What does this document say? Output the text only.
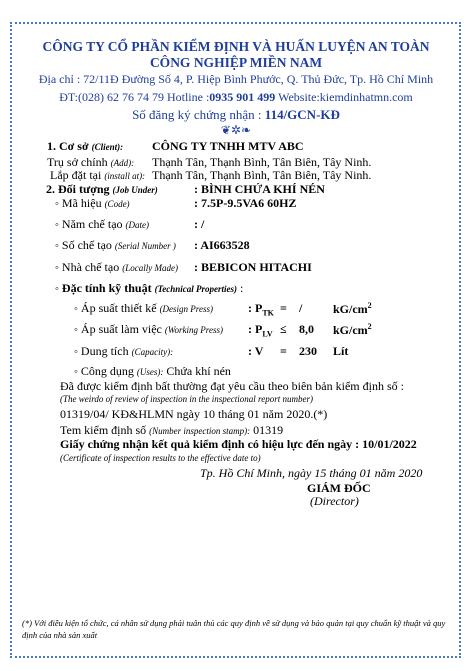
CÔNG TY CỔ PHẦN KIỂM ĐỊNH VÀ HUẤN LUYỆN AN TOÀN
CÔNG NGHIỆP MIỀN NAM
Địa chỉ : 72/11Đ Đường Số 4, P. Hiệp Bình Phước, Q. Thủ Đức, Tp. Hồ Chí Minh
ĐT:(028) 62 76 74 79 Hotline :0935 901 499 Website:kiemdinhatmn.com
Số đăng ký chứng nhận : 114/GCN-KĐ
❦✲❧
1. Cơ sở (Client): CÔNG TY TNHH MTV ABC
Trụ sở chính (Add): Thạnh Tân, Thạnh Bình, Tân Biên, Tây Ninh.
Lắp đặt tại (install at): Thạnh Tân, Thạnh Bình, Tân Biên, Tây Ninh.
2. Đối tượng (Job Under)	: BÌNH CHỨA KHÍ NÉN
◦ Mã hiệu (Code)	: 7.5P-9.5VA6 60HZ
◦ Năm chế tạo (Date)	: /
◦ Số chế tạo (Serial Number ) : AI663528
◦ Nhà chế tạo (Locally Made) : BEBICON HITACHI
◦ Đặc tính kỹ thuật (Technical Properties) :
◦ Áp suất thiết kế (Design Press)	: $P_{TK}$ = /	$kG/cm^2$
◦ Áp suất làm việc (Working Press) : $P_{LV} \le 8,0$ $kG/cm^2$
◦ Dung tích (Capacity):	: V = 230 Lít
◦ Công dụng (Uses): Chứa khí nén
Đã được kiểm định bất thường đạt yêu cầu theo biên bản kiểm định số :
(The weirdo of review of inspection in the inspectional report number)
01319/04/ KĐ&HLMN ngày 10 tháng 01 năm 2020.(*)
Tem kiểm định số (Number inspection stamp): 01319
Giấy chứng nhận kết quả kiểm định có hiệu lực đến ngày : 10/01/2022
(Certificate of inspection results to the effective date to)
Tp. Hồ Chí Minh, ngày 15 tháng 01 năm 2020
GIÁM ĐỐC
(Director)
(*) Với điều kiện tổ chức, cá nhân sử dụng phải tuân thủ các quy định về sử dụng và bảo quản tại quy chuẩn kỹ thuật và quy định của nhà sản xuất
